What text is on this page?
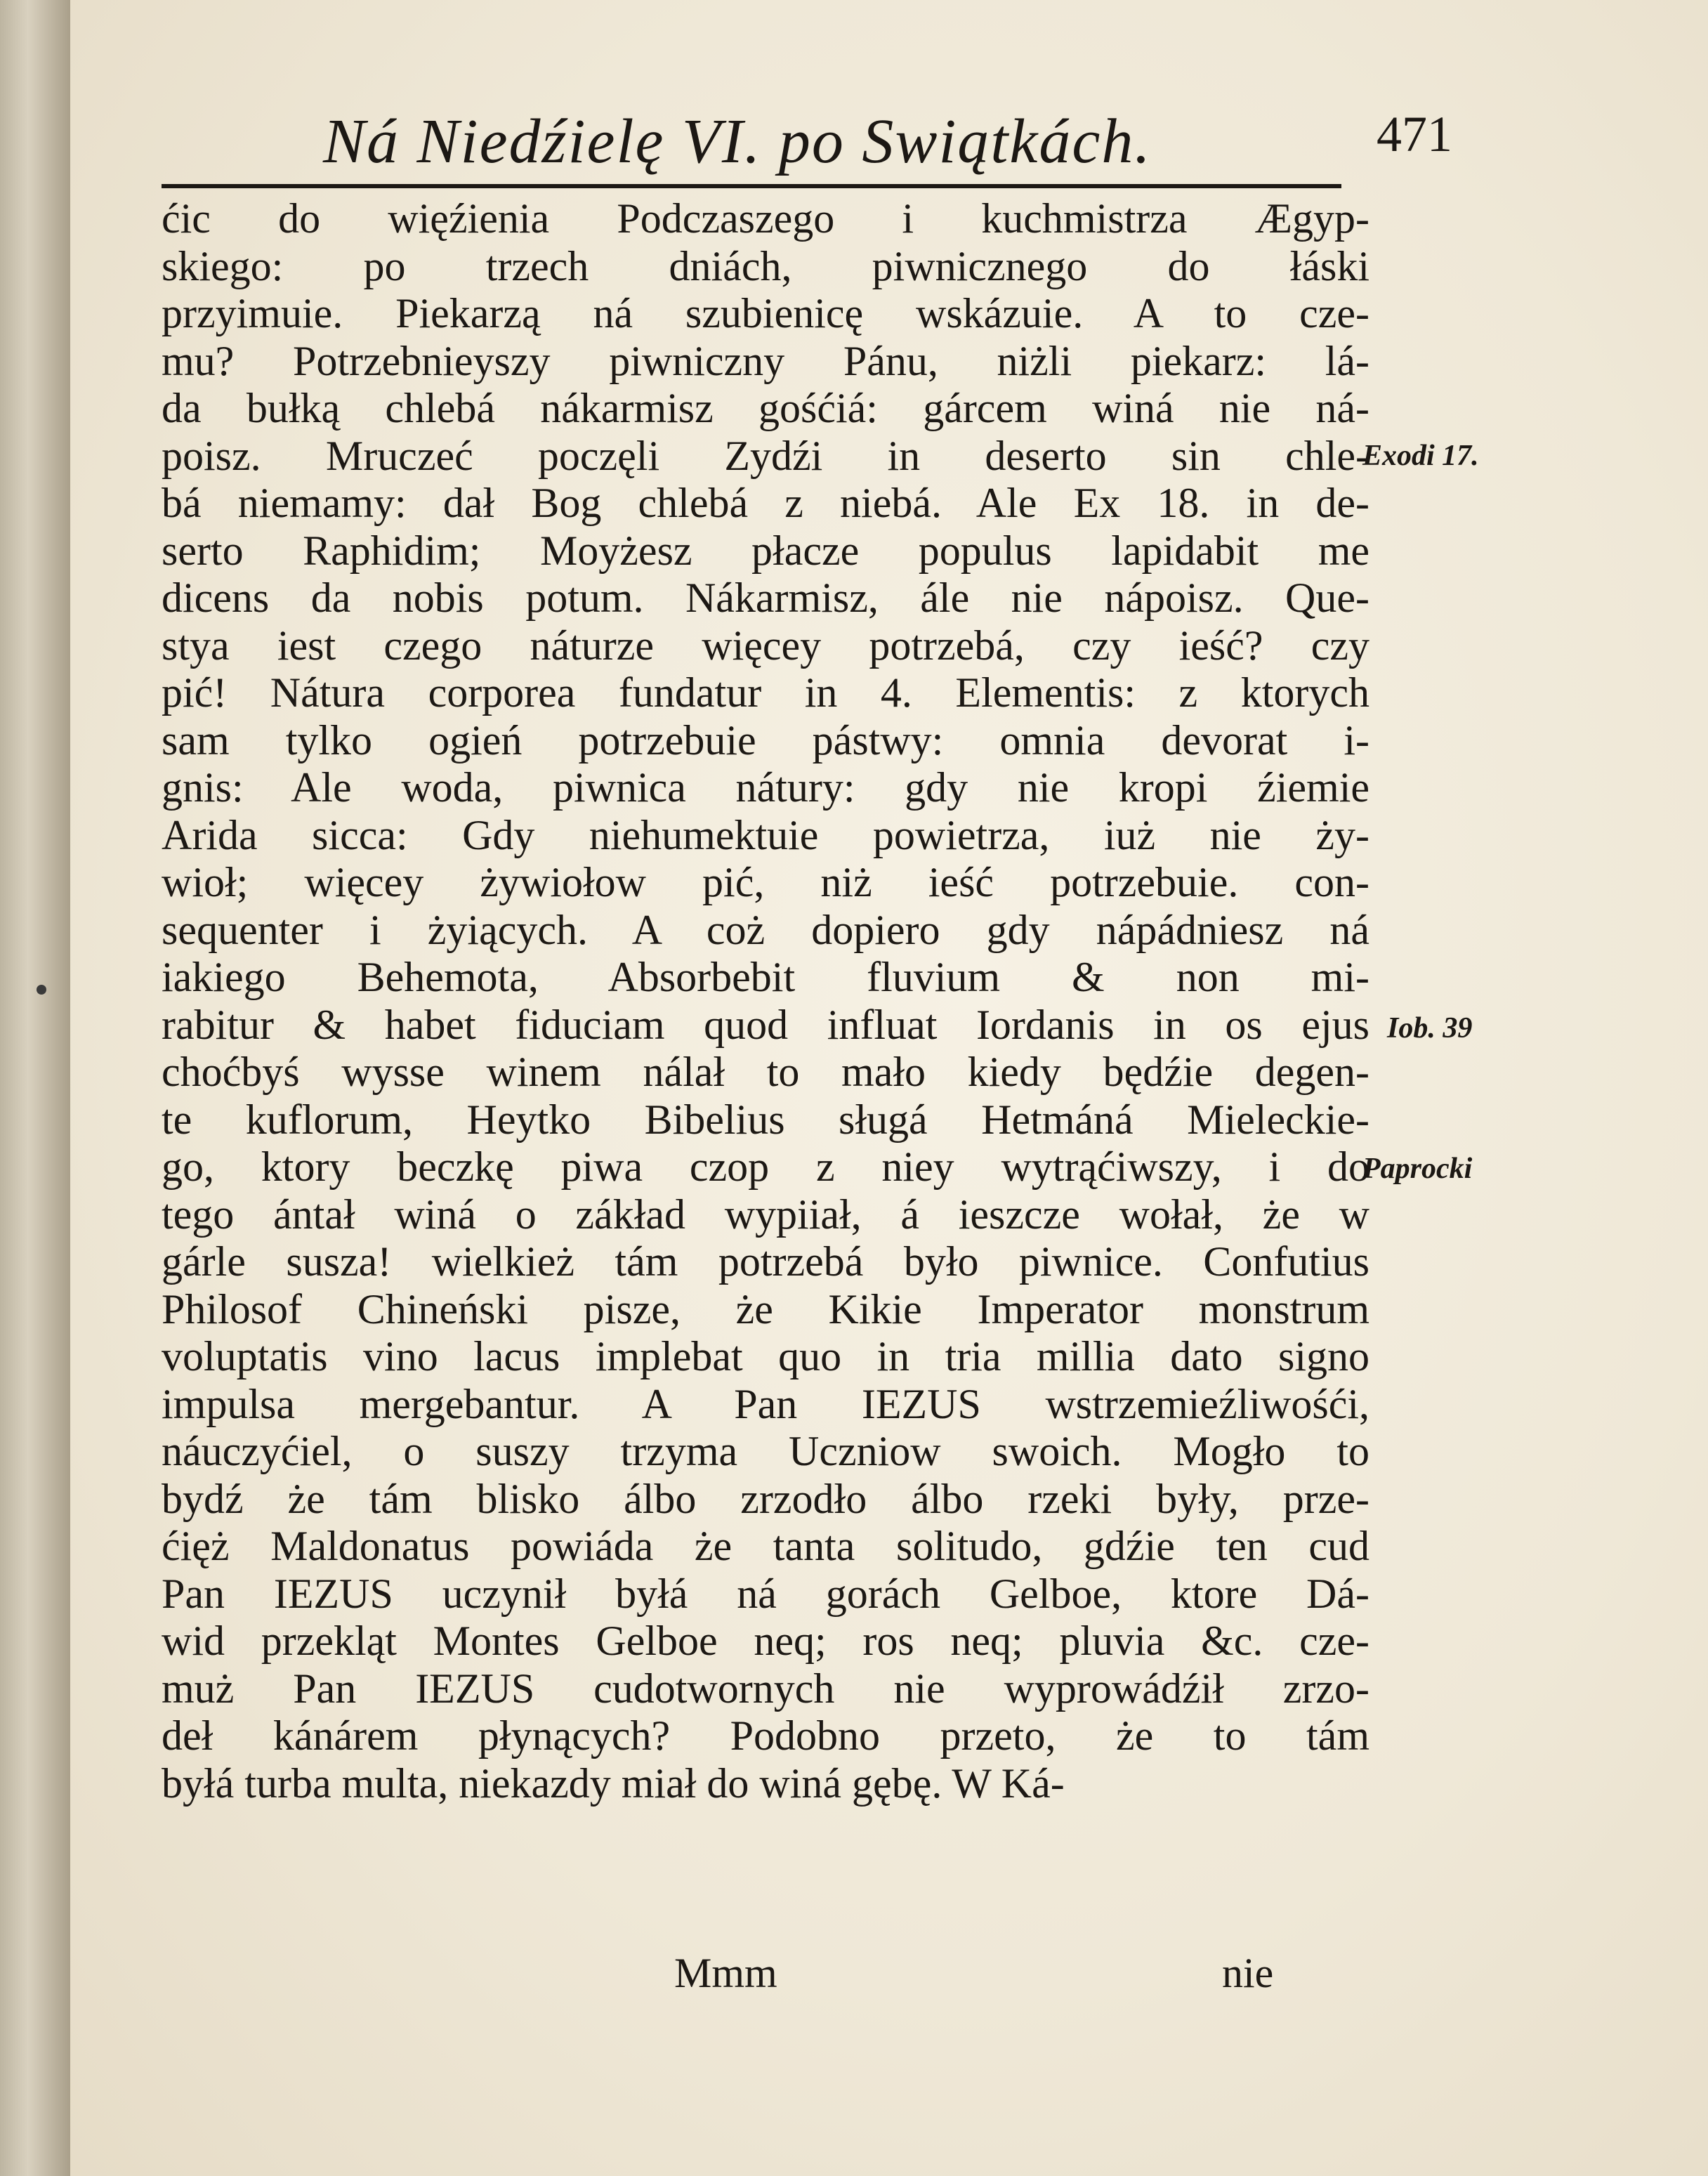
Ná Niedźielę VI. po Swiątkách.	471
ćic do więźienia Podczaszego i kuchmistrza Ægyp-
skiego: po trzech dniách, piwnicznego do łáski
przyimuie. Piekarzą ná szubienicę wskázuie. A to cze-
mu? Potrzebnieyszy piwniczny Pánu, niżli piekarz: lá-
da bułką chlebá nákarmisz gośćiá: gárcem winá nie ná-
poisz. Mruczeć poczęli Zydźi in deserto sin chle-
bá niemamy: dał Bog chlebá z niebá. Ale Ex 18. in de-
serto Raphidim; Moyżesz płacze populus lapidabit me
dicens da nobis potum. Nákarmisz, ále nie nápoisz. Que-
stya iest czego náturze więcey potrzebá, czy ieść? czy
pić! Nátura corporea fundatur in 4. Elementis: z ktorych
sam tylko ogień potrzebuie pástwy: omnia devorat i-
gnis: Ale woda, piwnica nátury: gdy nie kropi źiemie
Arida sicca: Gdy niehumektuie powietrza, iuż nie ży-
wioł; więcey żywiołow pić, niż ieść potrzebuie. con-
sequenter i żyiących. A coż dopiero gdy nápádniesz ná
iakiego Behemota, Absorbebit fluvium & non mi-
rabitur & habet fiduciam quod influat Iordanis in os ejus
choćbyś wysse winem nálał to mało kiedy będźie degen-
te kuflorum, Heytko Bibelius sługá Hetmáná Mieleckie-
go, ktory beczkę piwa czop z niey wytrąćiwszy, i do
tego ántał winá o zákład wypiiał, á ieszcze wołał, że w
gárle susza! wielkież tám potrzebá było piwnice. Confutius
Philosof Chineński pisze, że Kikie Imperator monstrum
voluptatis vino lacus implebat quo in tria millia dato signo
impulsa mergebantur. A Pan IEZUS wstrzemieźliwośći,
náuczyćiel, o suszy trzyma Uczniow swoich. Mogło to
bydź że tám blisko álbo zrzodło álbo rzeki były, prze-
ćięż Maldonatus powiáda że tanta solitudo, gdźie ten cud
Pan IEZUS uczynił byłá ná gorách Gelboe, ktore Dá-
wid przekląt Montes Gelboe neq; ros neq; pluvia &c. cze-
muż Pan IEZUS cudotwornych nie wyprowádźił zrzo-
deł kánárem płynących? Podobno przeto, że to tám
byłá turba multa, niekazdy miał do winá gębę. W Ká-
Exodi 17.
Iob. 39
Paprocki
Mmm	nie
